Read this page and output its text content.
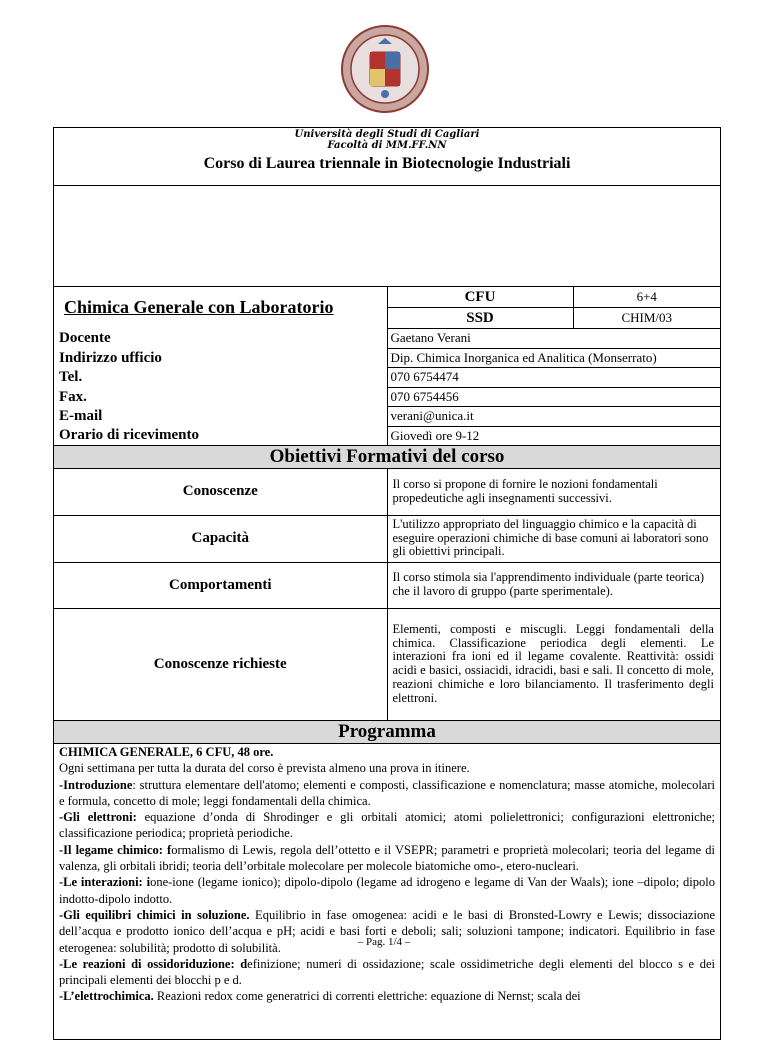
Università degli Studi di Cagliari
Facoltà di MM.FF.NN
Corso di Laurea triennale in Biotecnologie Industriali
Chimica Generale con Laboratorio	CFU	6+4
	SSD	CHIM/03
Docente	Gaetano Verani	
Indirizzo ufficio	Dip. Chimica Inorganica ed Analitica (Monserrato)	
Tel.	070 6754474	
Fax.	070 6754456	
E-mail	verani@unica.it	
Orario di ricevimento	Giovedì ore 9-12	
Obiettivi Formativi del corso
Conoscenze	Il corso si propone di fornire le nozioni fondamentali propedeutiche agli insegnamenti successivi.
Capacità	L'utilizzo appropriato del linguaggio chimico e la capacità di eseguire operazioni chimiche di base comuni ai laboratori sono gli obiettivi principali.
Comportamenti	Il corso stimola sia l'apprendimento individuale (parte teorica) che il lavoro di gruppo (parte sperimentale).
Conoscenze richieste	Elementi, composti e miscugli. Leggi fondamentali della chimica. Classificazione periodica degli elementi. Le interazioni fra ioni ed il legame covalente. Reattività: ossidi acidi e basici, ossiacidi, idracidi, basi e sali. Il concetto di mole, reazioni chimiche e loro bilanciamento. Il trasferimento degli elettroni.
Programma

CHIMICA GENERALE, 6 CFU, 48 ore.

Ogni settimana per tutta la durata del corso è prevista almeno una prova in itinere.

-Introduzione: struttura elementare dell'atomo; elementi e composti, classificazione e nomenclatura; masse atomiche, molecolari e formula, concetto di mole; leggi fondamentali della chimica.

-Gli elettroni: equazione d’onda di Shrodinger e gli orbitali atomici; atomi polielettronici; configurazioni elettroniche; classificazione periodica; proprietà periodiche.

-Il legame chimico: formalismo di Lewis, regola dell’ottetto e il VSEPR; parametri e proprietà molecolari; teoria del legame di valenza, gli orbitali ibridi; teoria dell’orbitale molecolare per molecole biatomiche omo-, etero-nucleari.

-Le interazioni: ione-ione (legame ionico); dipolo-dipolo (legame ad idrogeno e legame di Van der Waals); ione –dipolo; dipolo indotto-dipolo indotto.

-Gli equilibri chimici in soluzione. Equilibrio in fase omogenea: acidi e le basi di Bronsted-Lowry e Lewis; dissociazione dell’acqua e prodotto ionico dell’acqua e pH; acidi e basi forti e deboli; sali; soluzioni tampone; indicatori. Equilibrio in fase eterogenea: solubilità; prodotto di solubilità.

-Le reazioni di ossidoriduzione: definizione; numeri di ossidazione; scale ossidimetriche degli elementi del blocco s e dei principali elementi dei blocchi p e d.

-L’elettrochimica. Reazioni redox come generatrici di correnti elettriche: equazione di Nernst; scala dei

– Pag. 1/4 –
